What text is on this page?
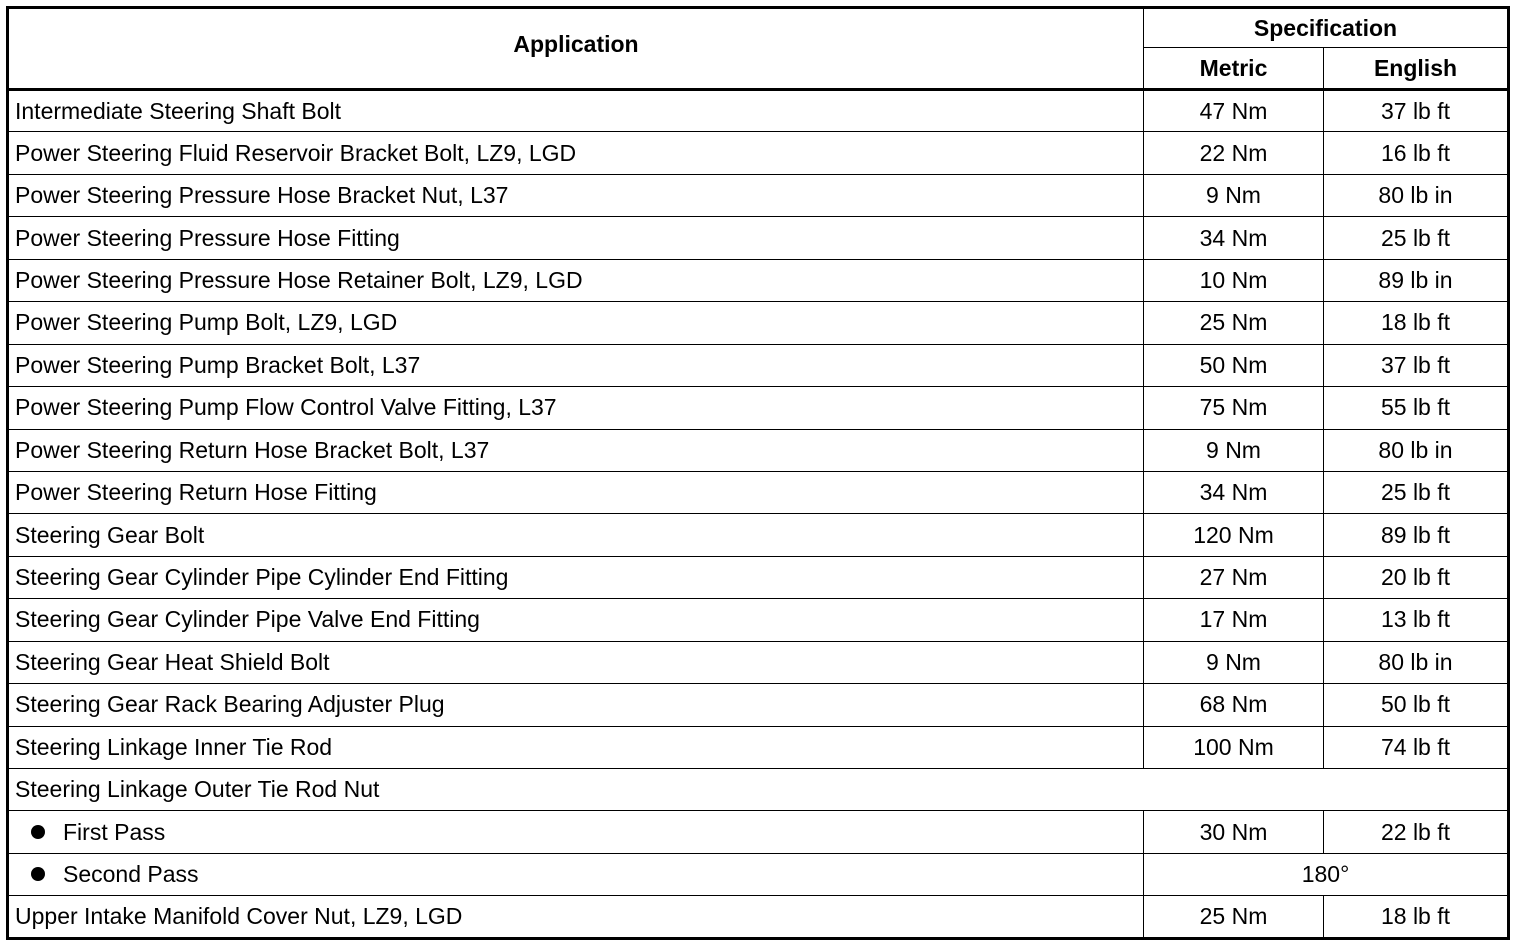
Application	Specification	
	Metric	English
Intermediate Steering Shaft Bolt	47 Nm	37 lb ft
Power Steering Fluid Reservoir Bracket Bolt, LZ9, LGD	22 Nm	16 lb ft
Power Steering Pressure Hose Bracket Nut, L37	9 Nm	80 lb in
Power Steering Pressure Hose Fitting	34 Nm	25 lb ft
Power Steering Pressure Hose Retainer Bolt, LZ9, LGD	10 Nm	89 lb in
Power Steering Pump Bolt, LZ9, LGD	25 Nm	18 lb ft
Power Steering Pump Bracket Bolt, L37	50 Nm	37 lb ft
Power Steering Pump Flow Control Valve Fitting, L37	75 Nm	55 lb ft
Power Steering Return Hose Bracket Bolt, L37	9 Nm	80 lb in
Power Steering Return Hose Fitting	34 Nm	25 lb ft
Steering Gear Bolt	120 Nm	89 lb ft
Steering Gear Cylinder Pipe Cylinder End Fitting	27 Nm	20 lb ft
Steering Gear Cylinder Pipe Valve End Fitting	17 Nm	13 lb ft
Steering Gear Heat Shield Bolt	9 Nm	80 lb in
Steering Gear Rack Bearing Adjuster Plug	68 Nm	50 lb ft
Steering Linkage Inner Tie Rod	100 Nm	74 lb ft
Steering Linkage Outer Tie Rod Nut		
First Pass	30 Nm	22 lb ft
Second Pass	180°	
Upper Intake Manifold Cover Nut, LZ9, LGD	25 Nm	18 lb ft
